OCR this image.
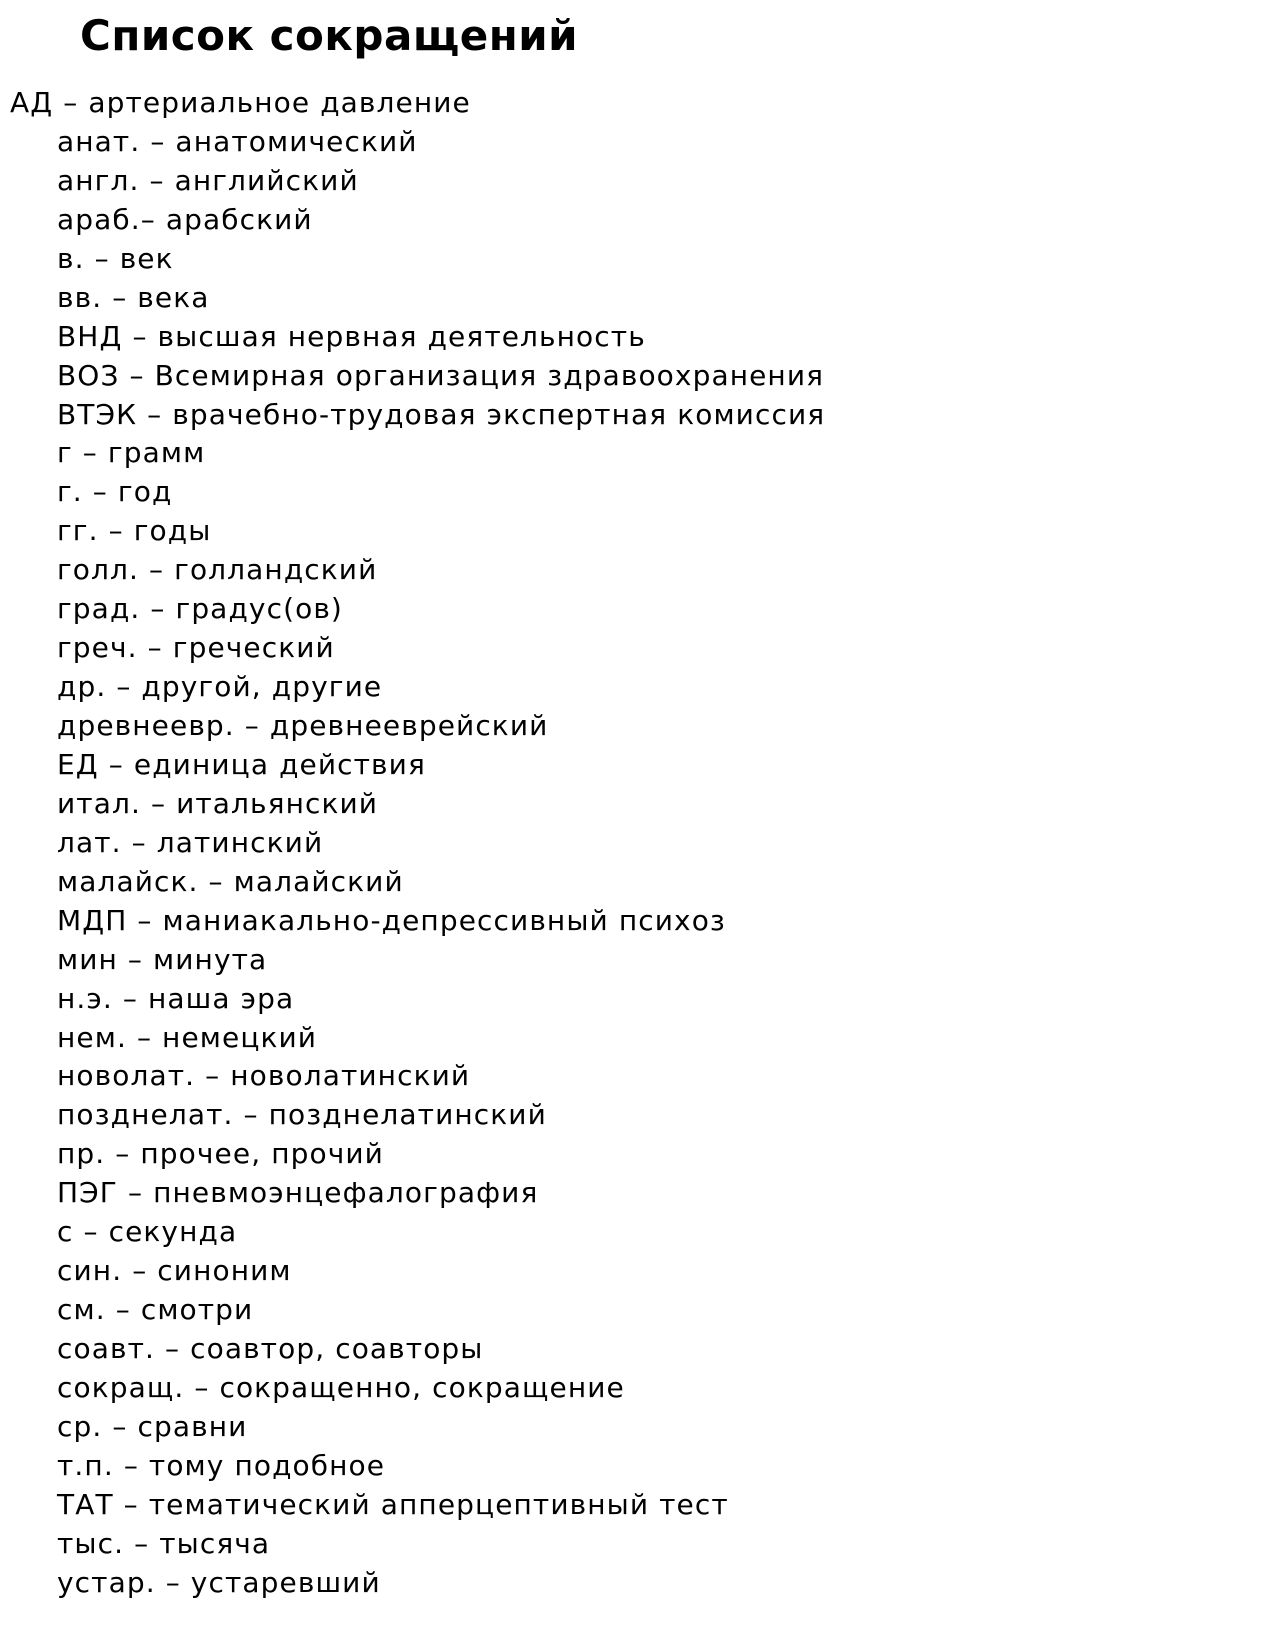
Список сокращений
АД – артериальное давление
анат. – анатомический
англ. – английский
араб.– арабский
в. – век
вв. – века
ВНД – высшая нервная деятельность
ВОЗ – Всемирная организация здравоохранения
ВТЭК – врачебно-трудовая экспертная комиссия
г – грамм
г. – год
гг. – годы
голл. – голландский
град. – градус(ов)
греч. – греческий
др. – другой, другие
древнеевр. – древнееврейский
ЕД – единица действия
итал. – итальянский
лат. – латинский
малайск. – малайский
МДП – маниакально-депрессивный психоз
мин – минута
н.э. – наша эра
нем. – немецкий
новолат. – новолатинский
позднелат. – позднелатинский
пр. – прочее, прочий
ПЭГ – пневмоэнцефалография
с – секунда
син. – синоним
см. – смотри
соавт. – соавтор, соавторы
сокращ. – сокращенно, сокращение
ср. – сравни
т.п. – тому подобное
ТАТ – тематический апперцептивный тест
тыс. – тысяча
устар. – устаревший
